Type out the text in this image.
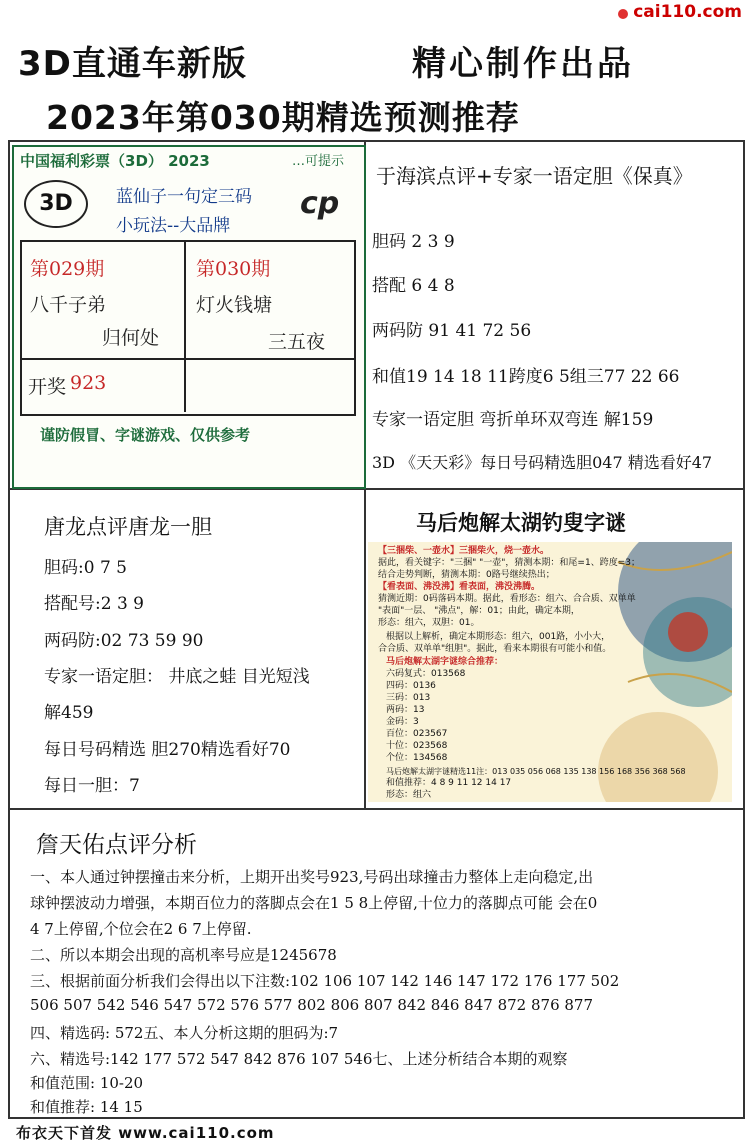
cai110.com
3D直通车新版	精心制作出品
2023年第030期精选预测推荐
中国福利彩票（3D） 2023	…可提示
3D	cp
蓝仙子一句定三码
小玩法--大品牌
第029期
八千子弟
归何处
第030期
灯火钱塘
三五夜
开奖 923
谨防假冒、字谜游戏、仅供参考
于海滨点评+专家一语定胆《保真》
胆码 2 3 9
搭配 6 4 8
两码防 91 41 72 56
和值19 14 18 11跨度6 5组三77 22 66
专家一语定胆 弯折单环双弯连 解159
3D 《天天彩》每日号码精选胆047 精选看好47
唐龙点评唐龙一胆
胆码:0 7 5
搭配号:2 3 9
两码防:02 73 59 90
专家一语定胆： 井底之蛙 目光短浅
解459
每日号码精选 胆270精选看好70
每日一胆：7
马后炮解太湖钓叟字谜
【三捆柴、一壶水】三捆柴火，烧一壶水。
据此，看关键字："三捆" "一壶"，猜测本期：和尾=1、跨度=3；
结合走势判断，猜测本期：0路号继续热出；
【看表面、沸没沸】看表面，沸没沸腾。
猜测近期：0码落码本期。据此，看形态：组六、合合质、双单单
"表面"一层、 "沸点"，解：01；由此，确定本期，
形态：组六，双胆：01。
根据以上解析，确定本期形态：组六，001路，小小大，
合合质、双单单"组胆"。据此，看来本期很有可能小和值。
马后炮解太湖字谜综合推荐：
六码复式：013568
四码：0136
三码：013
两码：13
金码：3
百位：023567
十位：023568
个位：134568
马后炮解太湖字谜精选11注：013 035 056 068 135 138 156 168 356 368 568
和值推荐：4 8 9 11 12 14 17
形态：组六
詹天佑点评分析
一、本人通过钟摆撞击来分析，上期开出奖号923,号码出球撞击力整体上走向稳定,出
球钟摆波动力增强，本期百位力的落脚点会在1 5 8上停留,十位力的落脚点可能 会在0
4 7上停留,个位会在2 6 7上停留.
二、所以本期会出现的高机率号应是1245678
三、根据前面分析我们会得出以下注数:102 106 107 142 146 147 172 176 177 502
506 507 542 546 547 572 576 577 802 806 807 842 846 847 872 876 877
四、精选码: 572五、本人分析这期的胆码为:7
六、精选号:142 177 572 547 842 876 107 546七、上述分析结合本期的观察
和值范围: 10-20
和值推荐: 14 15
布衣天下首发 www.cai110.com
